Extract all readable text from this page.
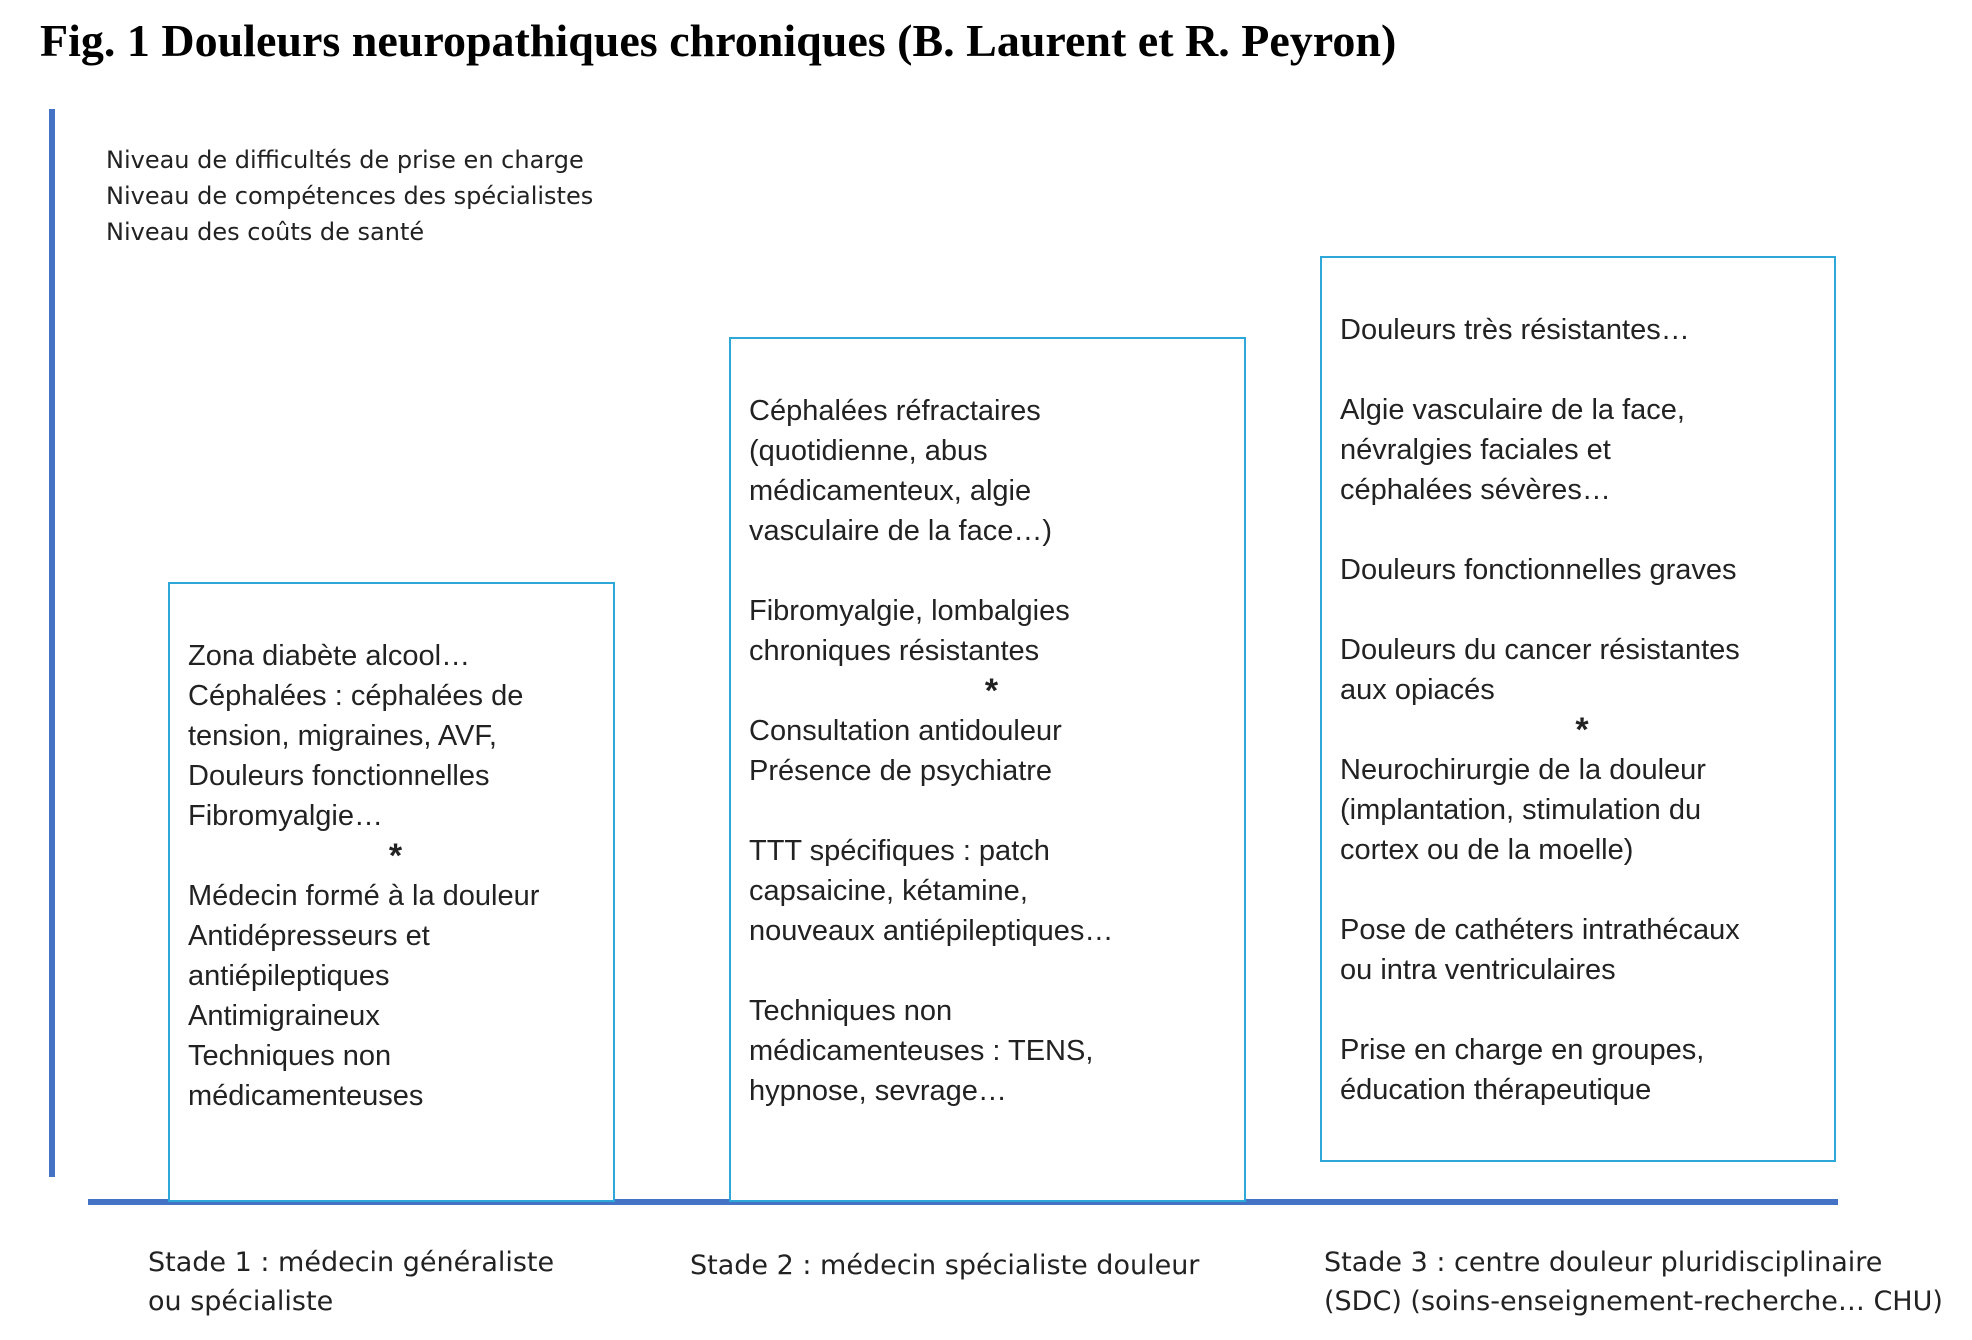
Fig. 1 Douleurs neuropathiques chroniques (B. Laurent et R. Peyron)
Niveau de difficultés de prise en charge
Niveau de compétences des spécialistes
Niveau des coûts de santé
Zona diabète alcool…
Céphalées : céphalées de
tension, migraines, AVF,
Douleurs fonctionnelles
Fibromyalgie…
*
Médecin formé à la douleur
Antidépresseurs et
antiépileptiques
Antimigraineux
Techniques non
médicamenteuses
Céphalées réfractaires
(quotidienne, abus
médicamenteux, algie
vasculaire de la face…)
Fibromyalgie, lombalgies
chroniques résistantes
*
Consultation antidouleur
Présence de psychiatre
TTT spécifiques : patch
capsaicine, kétamine,
nouveaux antiépileptiques…
Techniques non
médicamenteuses : TENS,
hypnose, sevrage…
Douleurs très résistantes…
Algie vasculaire de la face,
névralgies faciales et
céphalées sévères…
Douleurs fonctionnelles graves
Douleurs du cancer résistantes
aux opiacés
*
Neurochirurgie de la douleur
(implantation, stimulation du
cortex ou de la moelle)
Pose de cathéters intrathécaux
ou intra ventriculaires
Prise en charge en groupes,
éducation thérapeutique
Stade 1 : médecin généraliste
ou spécialiste
Stade 2 : médecin spécialiste douleur	Stade 3 : centre douleur pluridisciplinaire
(SDC) (soins-enseignement-recherche… CHU)
